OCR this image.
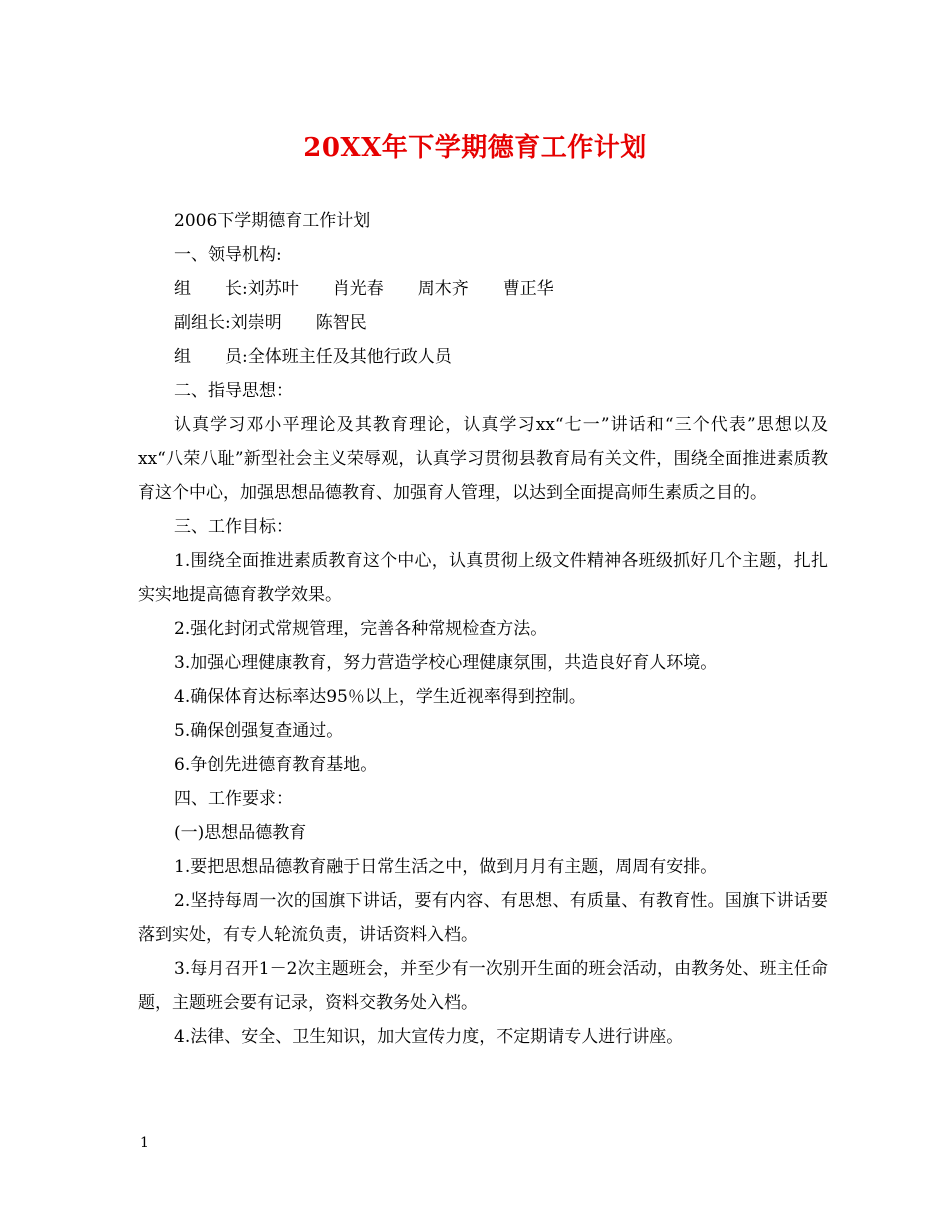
20XX年下学期德育工作计划

2006下学期德育工作计划

一、领导机构:

组　　长:刘苏叶　　肖光春　　周木齐　　曹正华

副组长:刘崇明　　陈智民

组　　员:全体班主任及其他行政人员

二、指导思想：

认真学习邓小平理论及其教育理论，认真学习xx“七一”讲话和“三个代表”思想以及xx“八荣八耻”新型社会主义荣辱观，认真学习贯彻县教育局有关文件，围绕全面推进素质教育这个中心，加强思想品德教育、加强育人管理，以达到全面提高师生素质之目的。

三、工作目标：

1.围绕全面推进素质教育这个中心，认真贯彻上级文件精神各班级抓好几个主题，扎扎实实地提高德育教学效果。

2.强化封闭式常规管理，完善各种常规检查方法。

3.加强心理健康教育，努力营造学校心理健康氛围，共造良好育人环境。

4.确保体育达标率达95％以上，学生近视率得到控制。

5.确保创强复查通过。

6.争创先进德育教育基地。

四、工作要求：

(一)思想品德教育

1.要把思想品德教育融于日常生活之中，做到月月有主题，周周有安排。

2.坚持每周一次的国旗下讲话，要有内容、有思想、有质量、有教育性。国旗下讲话要落到实处，有专人轮流负责，讲话资料入档。

3.每月召开1－2次主题班会，并至少有一次别开生面的班会活动，由教务处、班主任命题，主题班会要有记录，资料交教务处入档。

4.法律、安全、卫生知识，加大宣传力度，不定期请专人进行讲座。

1
